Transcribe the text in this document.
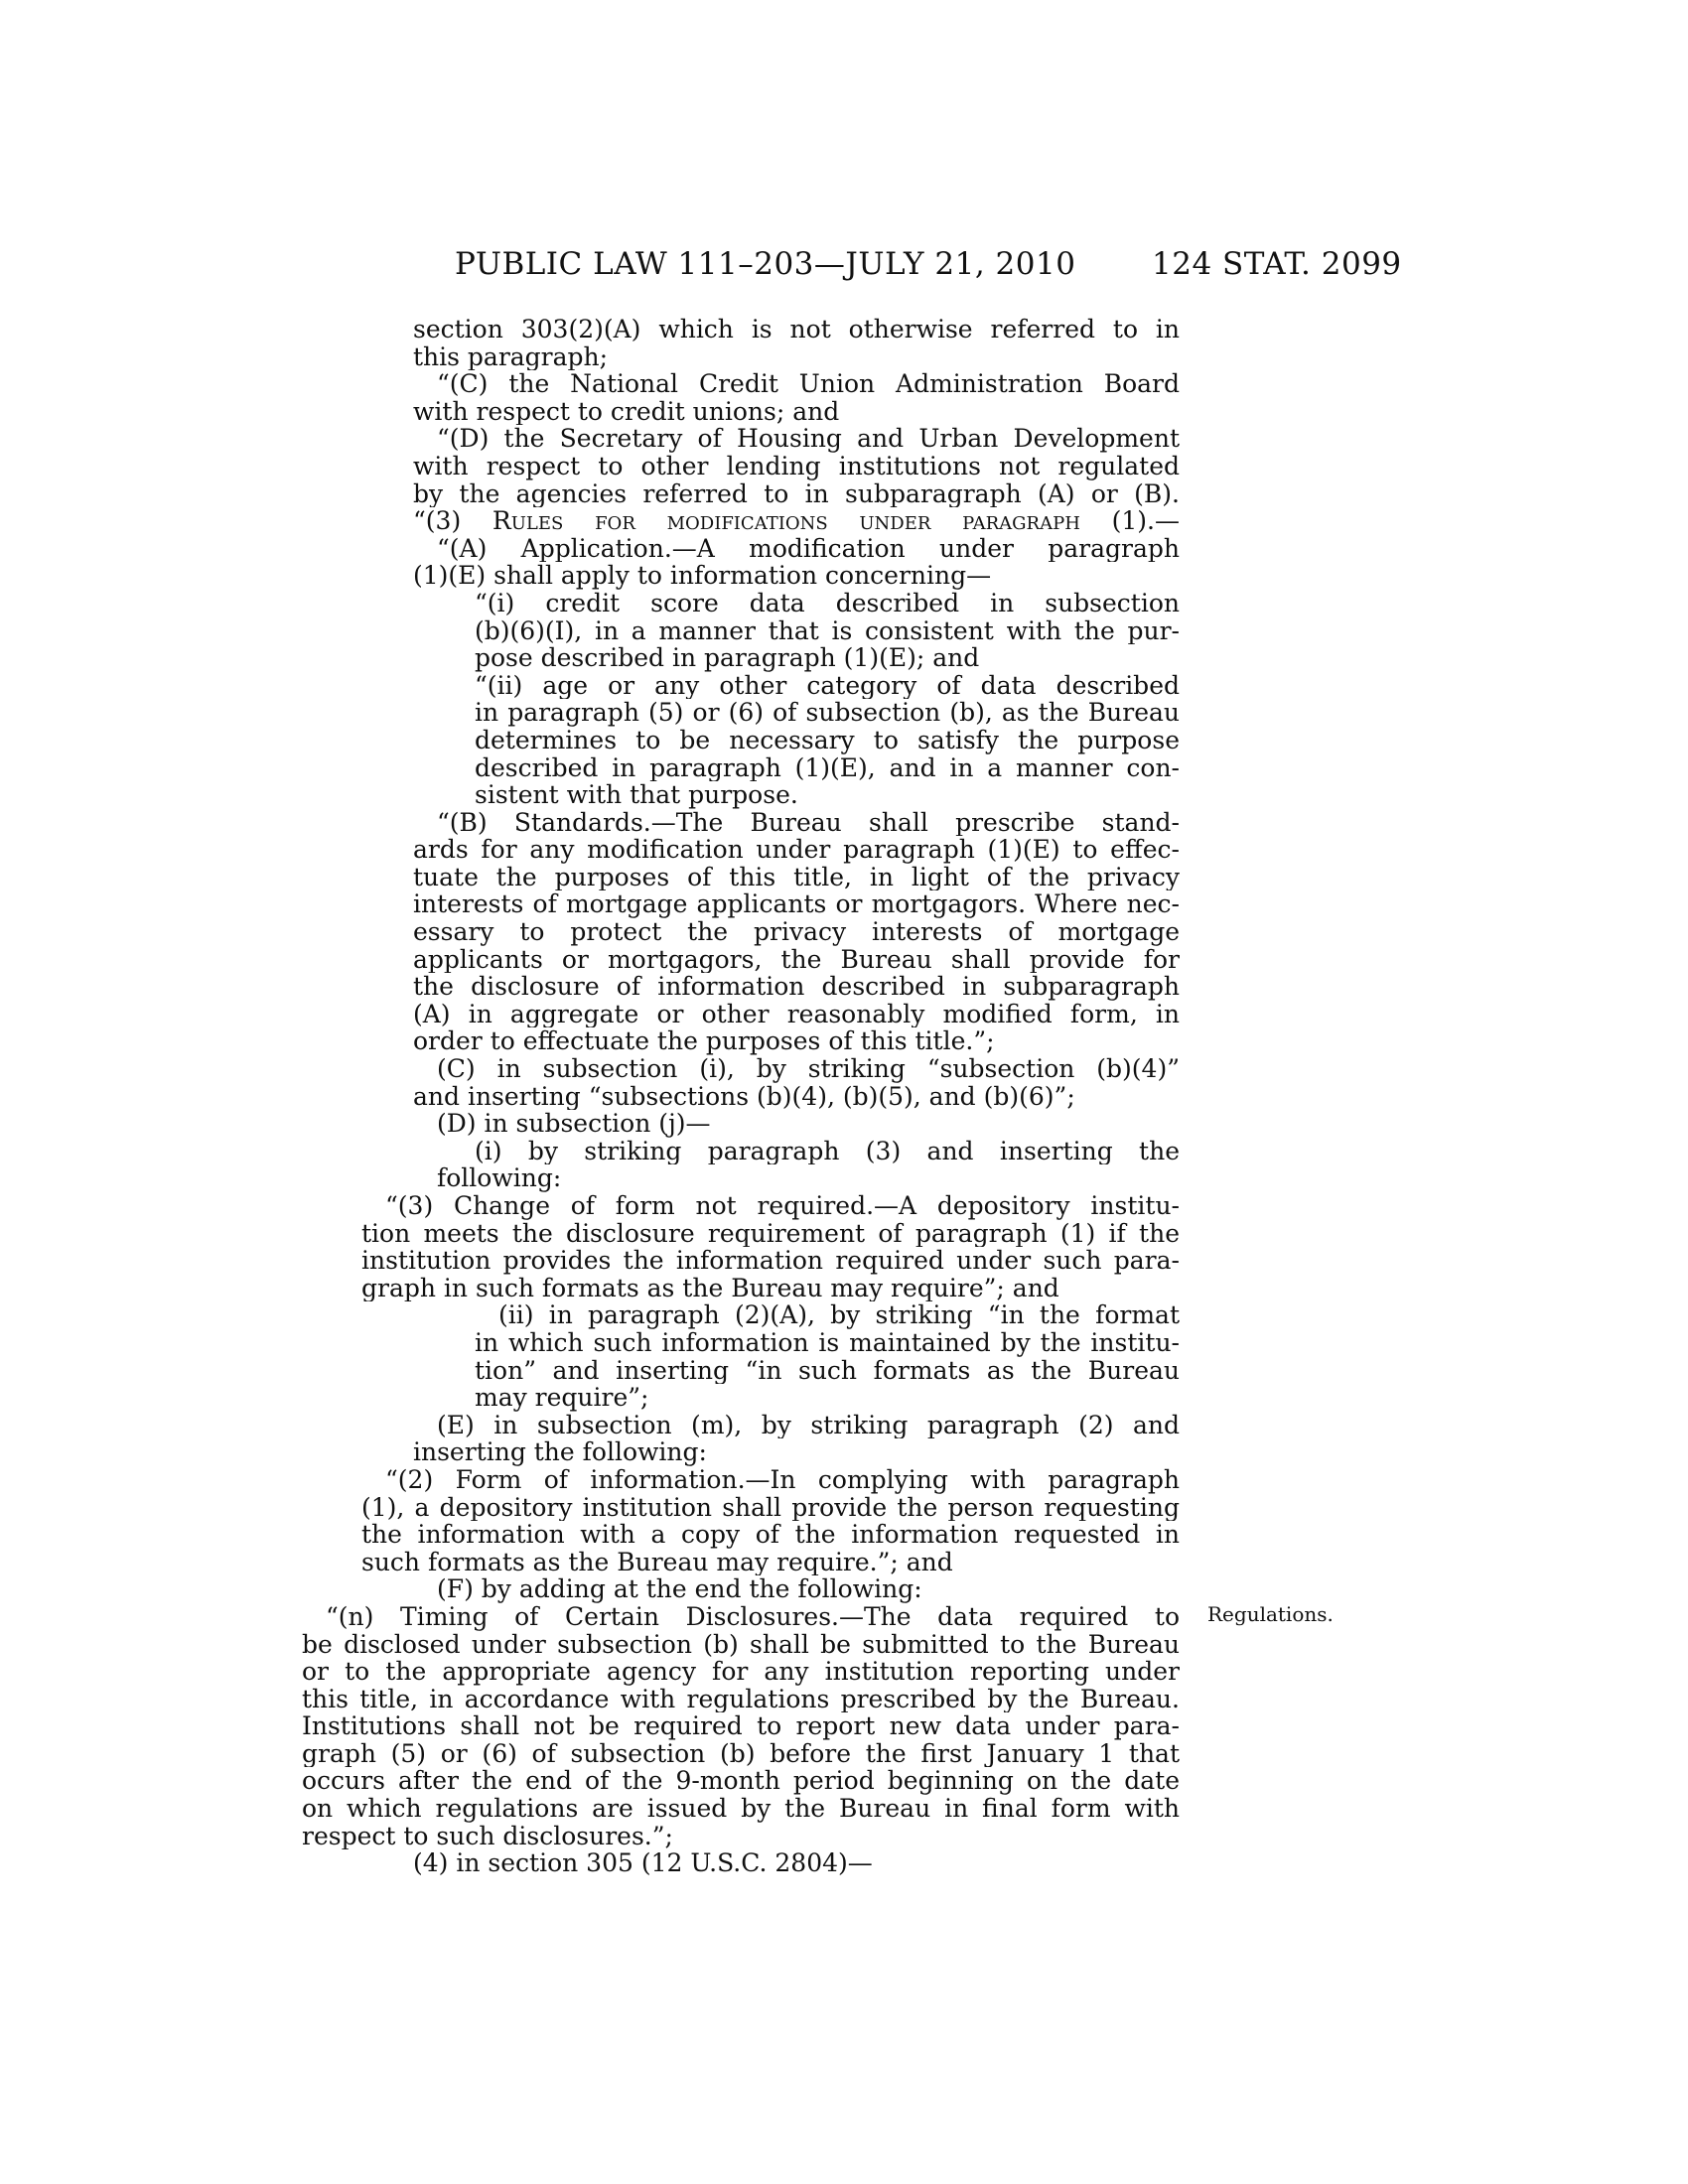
PUBLIC LAW 111–203—JULY 21, 2010 124 STAT. 2099
section 303(2)(A) which is not otherwise referred to in
this paragraph;
“(C) the National Credit Union Administration Board
with respect to credit unions; and
“(D) the Secretary of Housing and Urban Development
with respect to other lending institutions not regulated
by the agencies referred to in subparagraph (A) or (B).
“(3) Rules for modifications under paragraph (1).—
“(A) Application.—A modification under paragraph
(1)(E) shall apply to information concerning—
“(i) credit score data described in subsection
(b)(6)(I), in a manner that is consistent with the pur-
pose described in paragraph (1)(E); and
“(ii) age or any other category of data described
in paragraph (5) or (6) of subsection (b), as the Bureau
determines to be necessary to satisfy the purpose
described in paragraph (1)(E), and in a manner con-
sistent with that purpose.
“(B) Standards.—The Bureau shall prescribe stand-
ards for any modification under paragraph (1)(E) to effec-
tuate the purposes of this title, in light of the privacy
interests of mortgage applicants or mortgagors. Where nec-
essary to protect the privacy interests of mortgage
applicants or mortgagors, the Bureau shall provide for
the disclosure of information described in subparagraph
(A) in aggregate or other reasonably modified form, in
order to effectuate the purposes of this title.”;
(C) in subsection (i), by striking “subsection (b)(4)”
and inserting “subsections (b)(4), (b)(5), and (b)(6)”;
(D) in subsection (j)—
(i) by striking paragraph (3) and inserting the
following:
“(3) Change of form not required.—A depository institu-
tion meets the disclosure requirement of paragraph (1) if the
institution provides the information required under such para-
graph in such formats as the Bureau may require”; and
(ii) in paragraph (2)(A), by striking “in the format
in which such information is maintained by the institu-
tion” and inserting “in such formats as the Bureau
may require”;
(E) in subsection (m), by striking paragraph (2) and
inserting the following:
“(2) Form of information.—In complying with paragraph
(1), a depository institution shall provide the person requesting
the information with a copy of the information requested in
such formats as the Bureau may require.”; and
(F) by adding at the end the following:
“(n) Timing of Certain Disclosures.—The data required to
be disclosed under subsection (b) shall be submitted to the Bureau
or to the appropriate agency for any institution reporting under
this title, in accordance with regulations prescribed by the Bureau.
Institutions shall not be required to report new data under para-
graph (5) or (6) of subsection (b) before the first January 1 that
occurs after the end of the 9-month period beginning on the date
on which regulations are issued by the Bureau in final form with
respect to such disclosures.”;
(4) in section 305 (12 U.S.C. 2804)—
Regulations.
